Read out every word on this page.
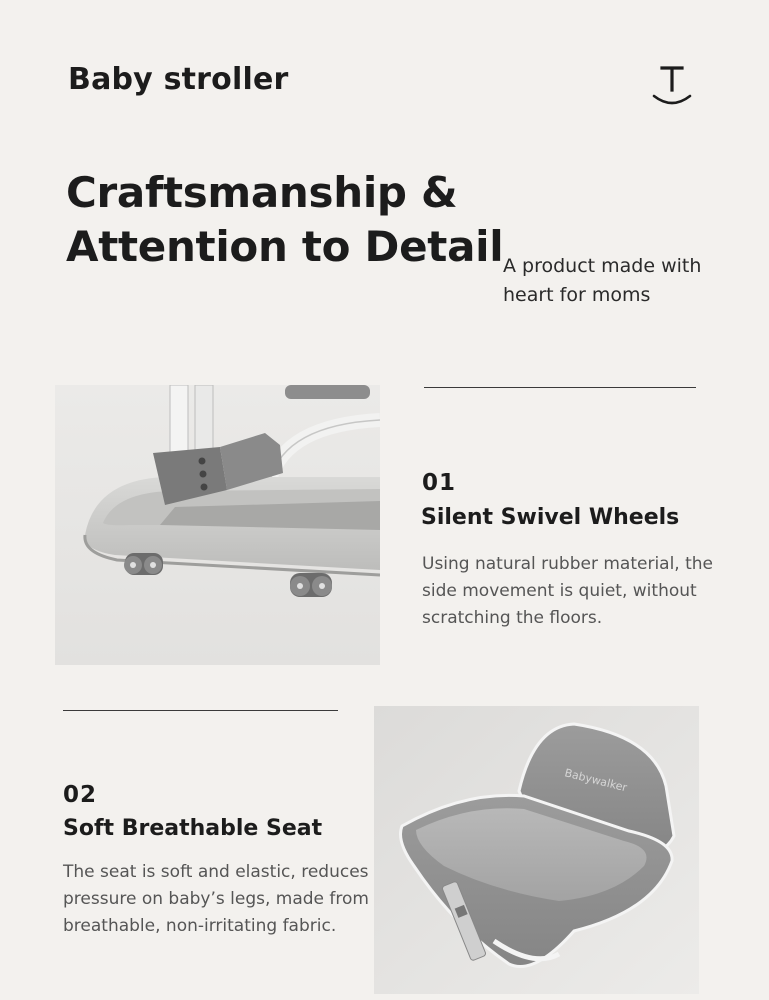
Baby stroller
Craftsmanship &
Attention to Detail A product made with
heart for moms
01
Silent Swivel Wheels
Using natural rubber material, the
side movement is quiet, without
scratching the floors.
02
Soft Breathable Seat
The seat is soft and elastic, reduces
pressure on baby’s legs, made from
breathable, non-irritating fabric.
Babywalker
